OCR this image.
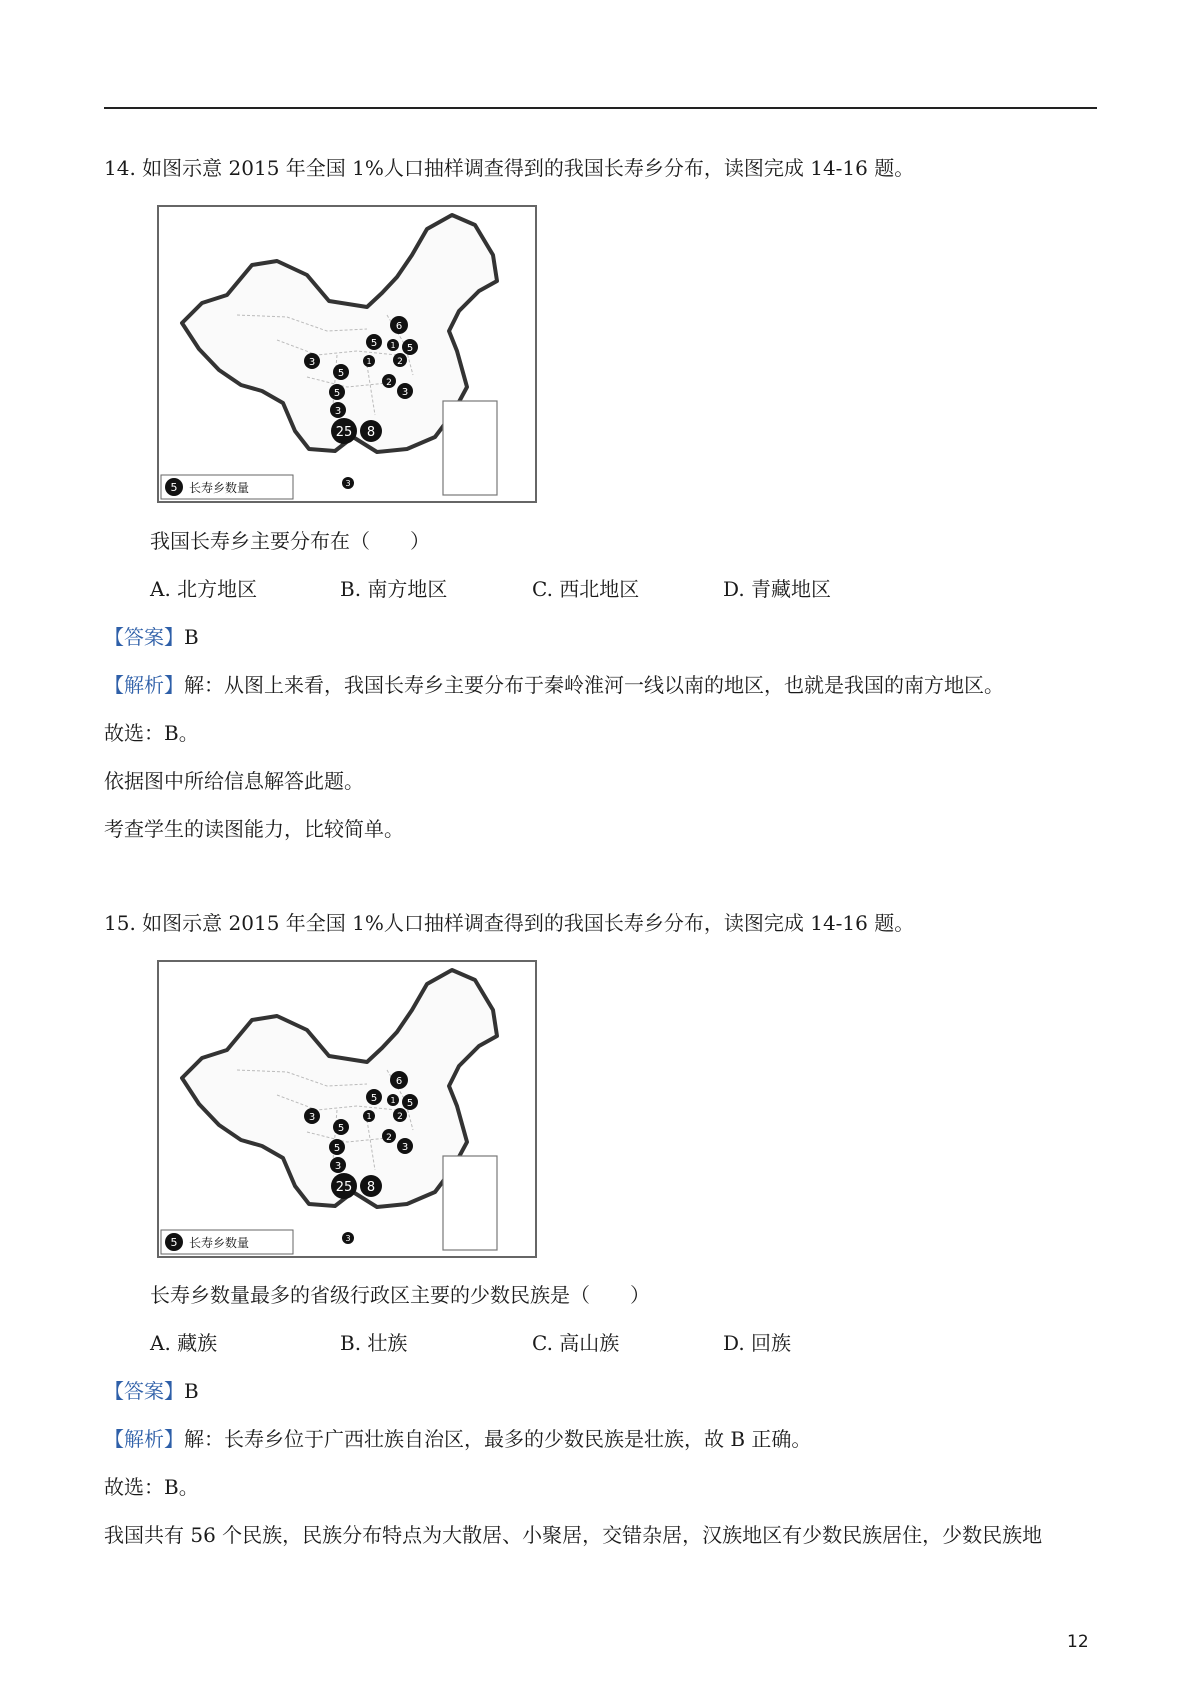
14. 如图示意 2015 年全国 1%人口抽样调查得到的我国长寿乡分布，读图完成 14-16 题。
5 长寿乡数量
6
5 1
2
5
3	1
2
3
5
5
3
25 8
3
我国长寿乡主要分布在（　　）
A. 北方地区	B. 南方地区	C. 西北地区	D. 青藏地区
【答案】B
【解析】解：从图上来看，我国长寿乡主要分布于秦岭淮河一线以南的地区，也就是我国的南方地区。
故选：B。
依据图中所给信息解答此题。
考查学生的读图能力，比较简单。
15. 如图示意 2015 年全国 1%人口抽样调查得到的我国长寿乡分布，读图完成 14-16 题。
5 长寿乡数量
6
5 1
2
5
3	1
2
3
5
5
3
25 8
3
长寿乡数量最多的省级行政区主要的少数民族是（　　）
A. 藏族	B. 壮族	C. 高山族	D. 回族
【答案】B
【解析】解：长寿乡位于广西壮族自治区，最多的少数民族是壮族，故 B 正确。
故选：B。
我国共有 56 个民族，民族分布特点为大散居、小聚居，交错杂居，汉族地区有少数民族居住，少数民族地
12
